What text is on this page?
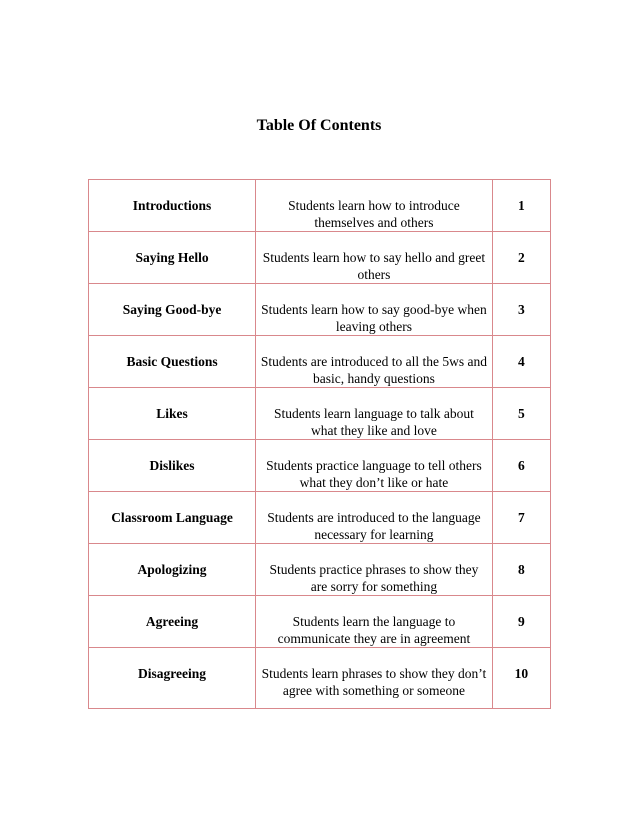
Table Of Contents
Introductions	Students learn how to introduce themselves and others	1
Saying Hello	Students learn how to say hello and greet others	2
Saying Good-bye	Students learn how to say good-bye when leaving others	3
Basic Questions	Students are introduced to all the 5ws and basic, handy questions	4
Likes	Students learn language to talk about what they like and love	5
Dislikes	Students practice language to tell others what they don’t like or hate	6
Classroom Language	Students are introduced to the language necessary for learning	7
Apologizing	Students practice phrases to show they are sorry for something	8
Agreeing	Students learn the language to communicate they are in agreement	9
Disagreeing	Students learn phrases to show they don’t agree with something or someone	10
